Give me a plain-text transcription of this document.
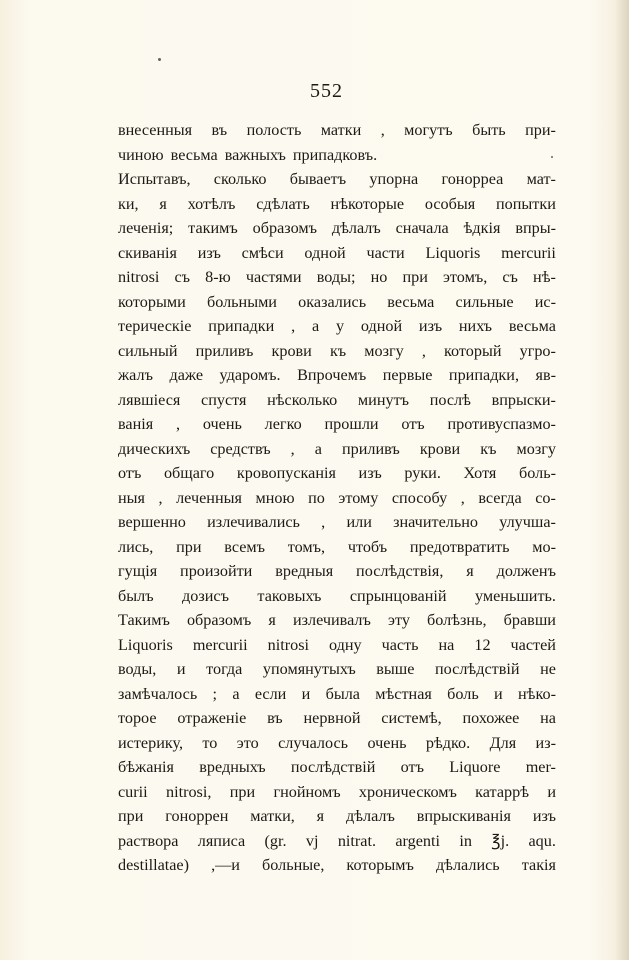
552
внесенныя въ полость матки , могутъ быть при-
чиною весьма важныхъ припадковъ.
Испытавъ, сколько бываетъ упорна гонорреа мат-
ки, я хотѣлъ сдѣлать нѣкоторые особыя попытки
леченія; такимъ образомъ дѣлалъ сначала ѣдкія впры-
скиванія изъ смѣси одной части Liquoris mercurii
nitrosi съ 8-ю частями воды; но при этомъ, съ нѣ-
которыми больными оказались весьма сильные ис-
терическіе припадки , а у одной изъ нихъ весьма
сильный приливъ крови къ мозгу , который угро-
жалъ даже ударомъ. Впрочемъ первые припадки, яв-
лявшіеся спустя нѣсколько минутъ послѣ впрыски-
ванія , очень легко прошли отъ противуспазмо-
дическихъ средствъ , а приливъ крови къ мозгу
отъ общаго кровопусканія изъ руки. Хотя боль-
ныя , леченныя мною по этому способу , всегда со-
вершенно излечивались , или значительно улучша-
лись, при всемъ томъ, чтобъ предотвратить мо-
гущія произойти вредныя послѣдствія, я долженъ
былъ дозисъ таковыхъ спрынцованій уменьшить.
Такимъ образомъ я излечивалъ эту болѣзнь, бравши
Liquoris mercurii nitrosi одну часть на 12 частей
воды, и тогда упомянутыхъ выше послѣдствій не
замѣчалось ; а если и была мѣстная боль и нѣко-
торое отраженіе въ нервной системѣ, похожее на
истерику, то это случалось очень рѣдко. Для из-
бѣжанія вредныхъ послѣдствій отъ Liquore mer-
curii nitrosi, при гнойномъ хроническомъ катаррѣ и
при гоноррен матки, я дѣлалъ впрыскиванія изъ
раствора ляписа (gr. vj nitrat. argenti in ℥j. aqu.
destillatae) ,—и больные, которымъ дѣлались такія
